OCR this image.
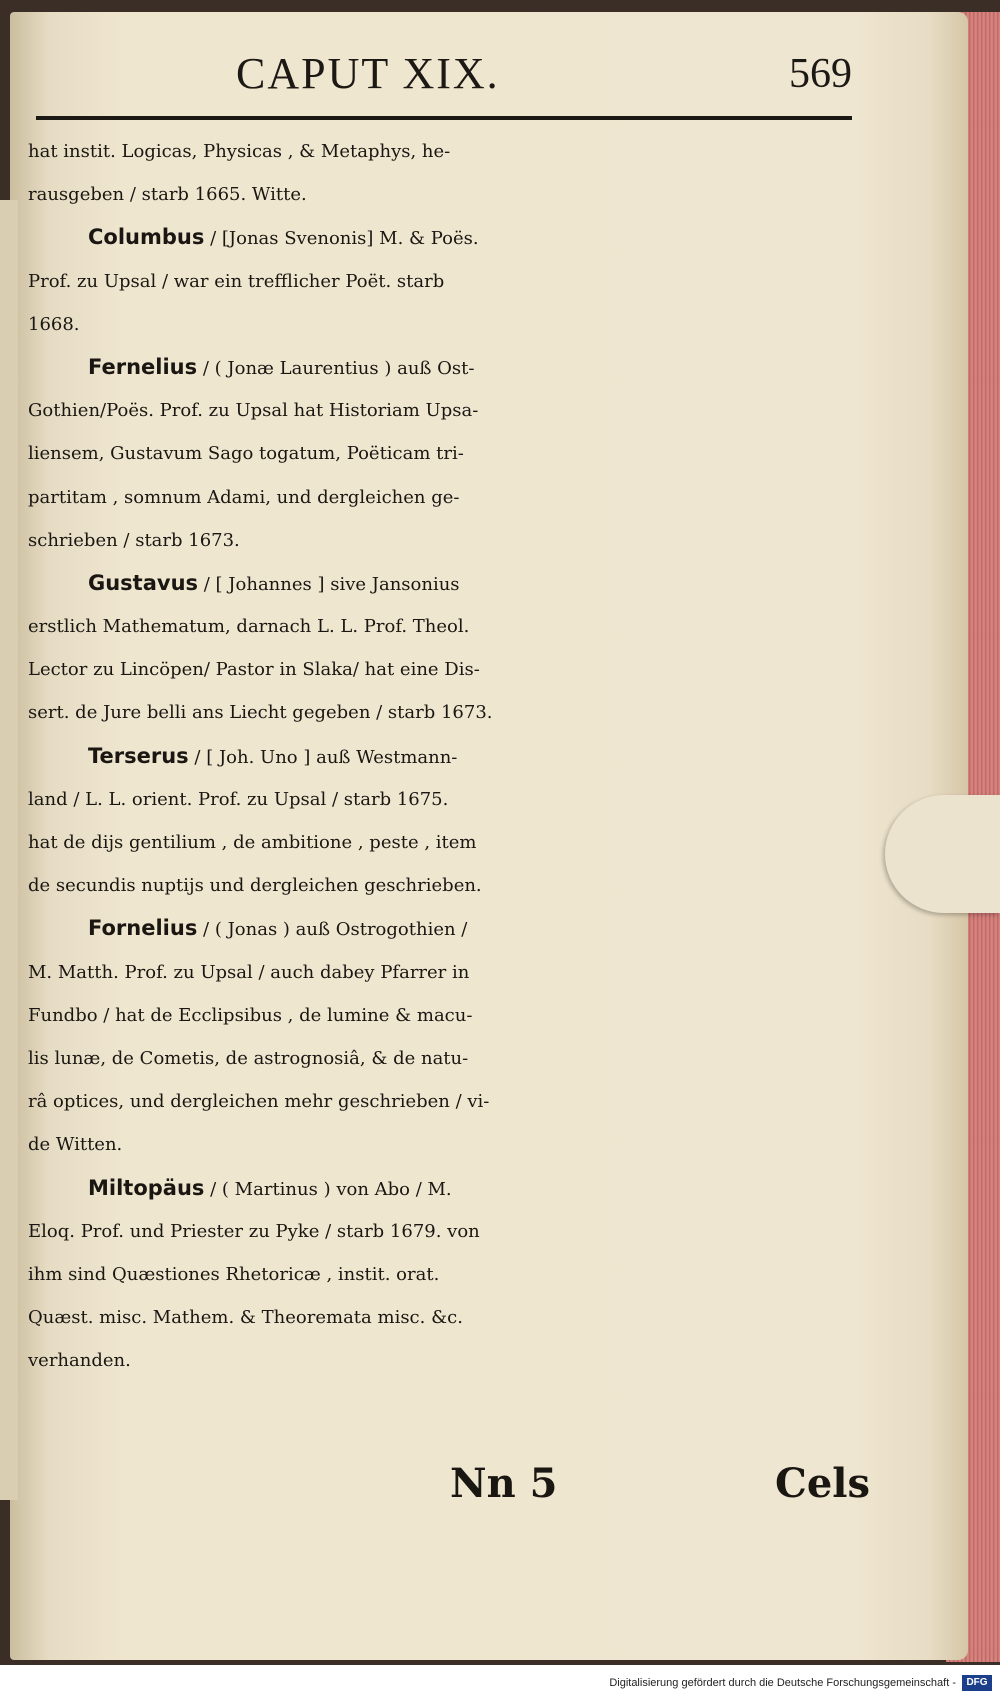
CAPUT XIX.	569
hat instit. Logicas, Physicas , & Metaphys, he-
rausgeben / starb 1665. Witte.
Columbus / [Jonas Svenonis] M. & Poës.
Prof. zu Upsal / war ein trefflicher Poët. starb
1668.
Fernelius / ( Jonæ Laurentius ) auß Ost-
Gothien/Poës. Prof. zu Upsal hat Historiam Upsa-
liensem, Gustavum Sago togatum, Poëticam tri-
partitam , somnum Adami, und dergleichen ge-
schrieben / starb 1673.
Gustavus / [ Johannes ] sive Jansonius
erstlich Mathematum, darnach L. L. Prof. Theol.
Lector zu Lincöpen/ Pastor in Slaka/ hat eine Dis-
sert. de Jure belli ans Liecht gegeben / starb 1673.
Terserus / [ Joh. Uno ] auß Westmann-
land / L. L. orient. Prof. zu Upsal / starb 1675.
hat de dijs gentilium , de ambitione , peste , item
de secundis nuptijs und dergleichen geschrieben.
Fornelius / ( Jonas ) auß Ostrogothien /
M. Matth. Prof. zu Upsal / auch dabey Pfarrer in
Fundbo / hat de Ecclipsibus , de lumine & macu-
lis lunæ, de Cometis, de astrognosiâ, & de natu-
râ optices, und dergleichen mehr geschrieben / vi-
de Witten.
Miltopäus / ( Martinus ) von Abo / M.
Eloq. Prof. und Priester zu Pyke / starb 1679. von
ihm sind Quæstiones Rhetoricæ , instit. orat.
Quæst. misc. Mathem. & Theoremata misc. &c.
verhanden.
Nn 5	Cels
Digitalisierung gefördert durch die Deutsche Forschungsgemeinschaft -	DFG
